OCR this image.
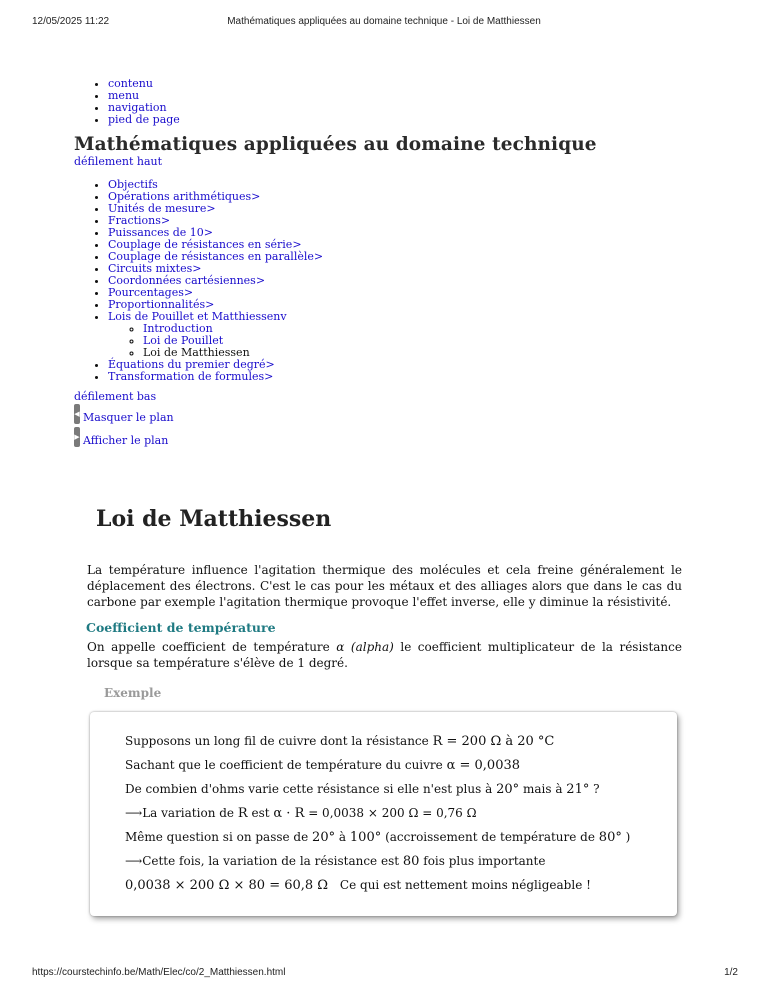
12/05/2025 11:22	Mathématiques appliquées au domaine technique - Loi de Matthiessen
• contenu
• menu
• navigation
• pied de page
Mathématiques appliquées au domaine technique
défilement haut
• Objectifs
• Opérations arithmétiques>
• Unités de mesure>
• Fractions>
• Puissances de 10>
• Couplage de résistances en série>
• Couplage de résistances en parallèle>
• Circuits mixtes>
• Coordonnées cartésiennes>
• Pourcentages>
• Proportionnalités>
• Lois de Pouillet et Matthiessenv
◦ Introduction
◦ Loi de Pouillet
◦ Loi de Matthiessen
• Équations du premier degré>
• Transformation de formules>
défilement bas
◀ Masquer le plan
▶ Afficher le plan
Loi de Matthiessen

La température influence l'agitation thermique des molécules et cela freine généralement le déplacement des électrons. C'est le cas pour les métaux et des alliages alors que dans le cas du carbone par exemple l'agitation thermique provoque l'effet inverse, elle y diminue la résistivité.

Coefficient de température

On appelle coefficient de température α (alpha) le coefficient multiplicateur de la résistance lorsque sa température s'élève de 1 degré.

Exemple
Supposons un long fil de cuivre dont la résistance R = 200 Ω à 20 °C
Sachant que le coefficient de température du cuivre α = 0,0038
De combien d'ohms varie cette résistance si elle n'est plus à 20° mais à 21° ?
⟶La variation de R est α · R = 0,0038 × 200 Ω = 0,76 Ω
Même question si on passe de 20° à 100° (accroissement de température de 80° )
⟶Cette fois, la variation de la résistance est 80 fois plus importante
0,0038 × 200 Ω × 80 = 60,8 Ω Ce qui est nettement moins négligeable !
https://courstechinfo.be/Math/Elec/co/2_Matthiessen.html	1/2
